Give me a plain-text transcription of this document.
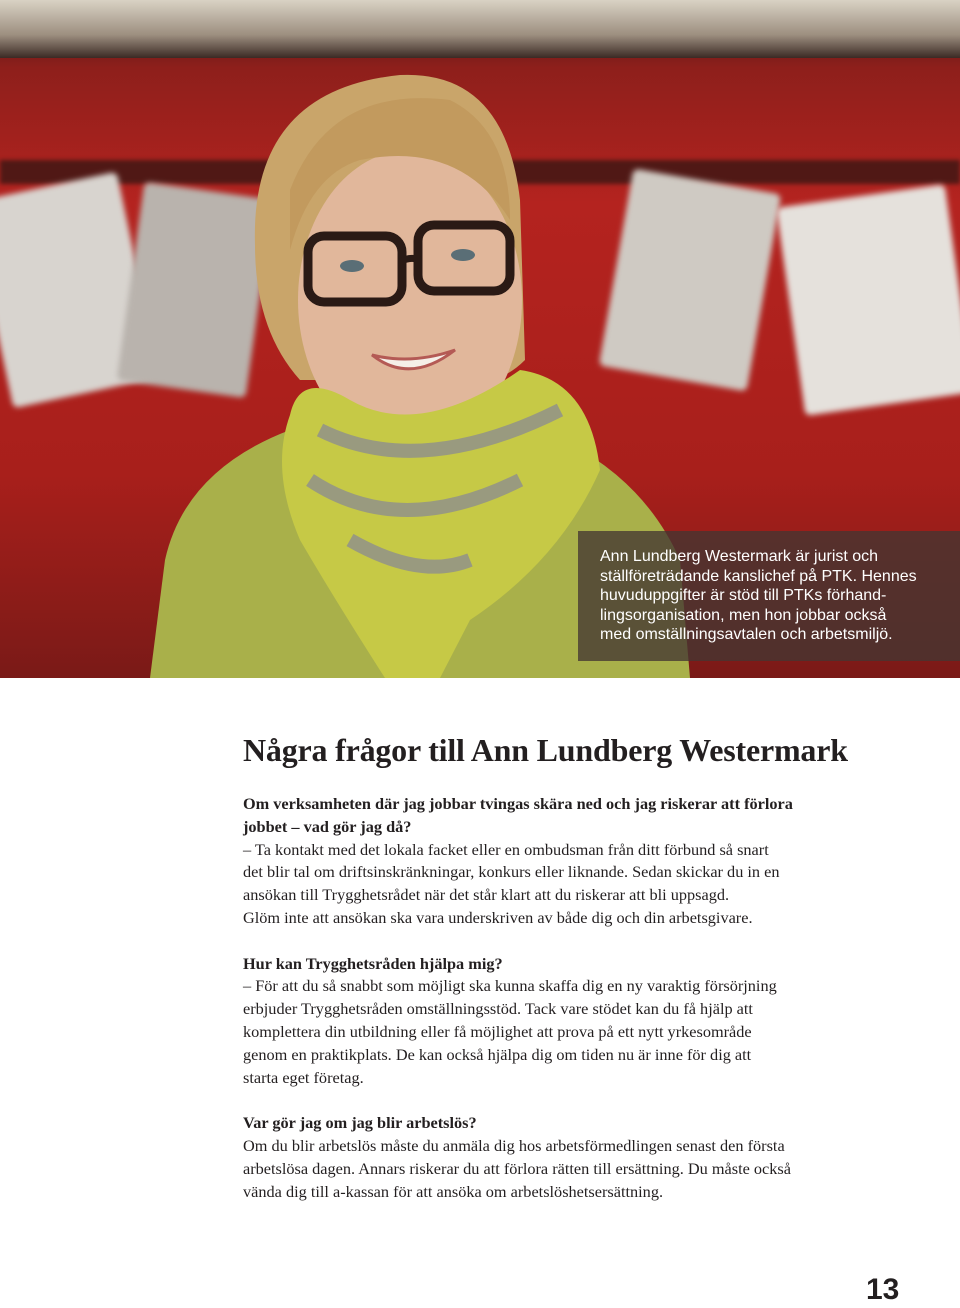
Ann Lundberg Westermark är jurist och

ställföreträdande kanslichef på PTK. Hennes

huvuduppgifter är stöd till PTKs förhand-

lingsorganisation, men hon jobbar också

med omställningsavtalen och arbetsmiljö.

Några frågor till Ann Lundberg Westermark

Om verksamheten där jag jobbar tvingas skära ned och jag riskerar att förlora

jobbet – vad gör jag då?

– Ta kontakt med det lokala facket eller en ombudsman från ditt förbund så snart

det blir tal om driftsinskränkningar, konkurs eller liknande. Sedan skickar du in en

ansökan till Trygghetsrådet när det står klart att du riskerar att bli uppsagd.

Glöm inte att ansökan ska vara underskriven av både dig och din arbetsgivare.

Hur kan Trygghetsråden hjälpa mig?

– För att du så snabbt som möjligt ska kunna skaffa dig en ny varaktig försörjning

erbjuder Trygghetsråden omställningsstöd. Tack vare stödet kan du få hjälp att

komplettera din utbildning eller få möjlighet att prova på ett nytt yrkesområde

genom en praktikplats. De kan också hjälpa dig om tiden nu är inne för dig att

starta eget företag.

Var gör jag om jag blir arbetslös?

Om du blir arbetslös måste du anmäla dig hos arbetsförmedlingen senast den första

arbetslösa dagen. Annars riskerar du att förlora rätten till ersättning. Du måste också

vända dig till a-kassan för att ansöka om arbetslöshetsersättning.

13
